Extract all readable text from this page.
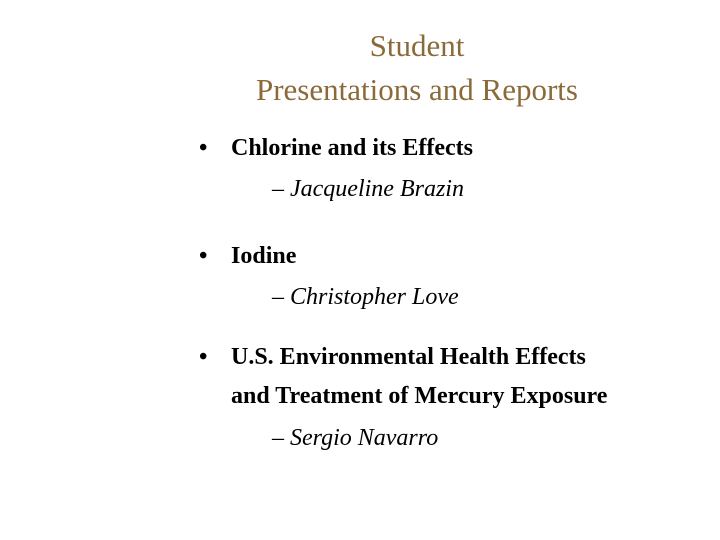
Student
Presentations and Reports
• Chlorine and its Effects
– Jacqueline Brazin
• Iodine
– Christopher Love
• U.S. Environmental Health Effects
and Treatment of Mercury Exposure
– Sergio Navarro
